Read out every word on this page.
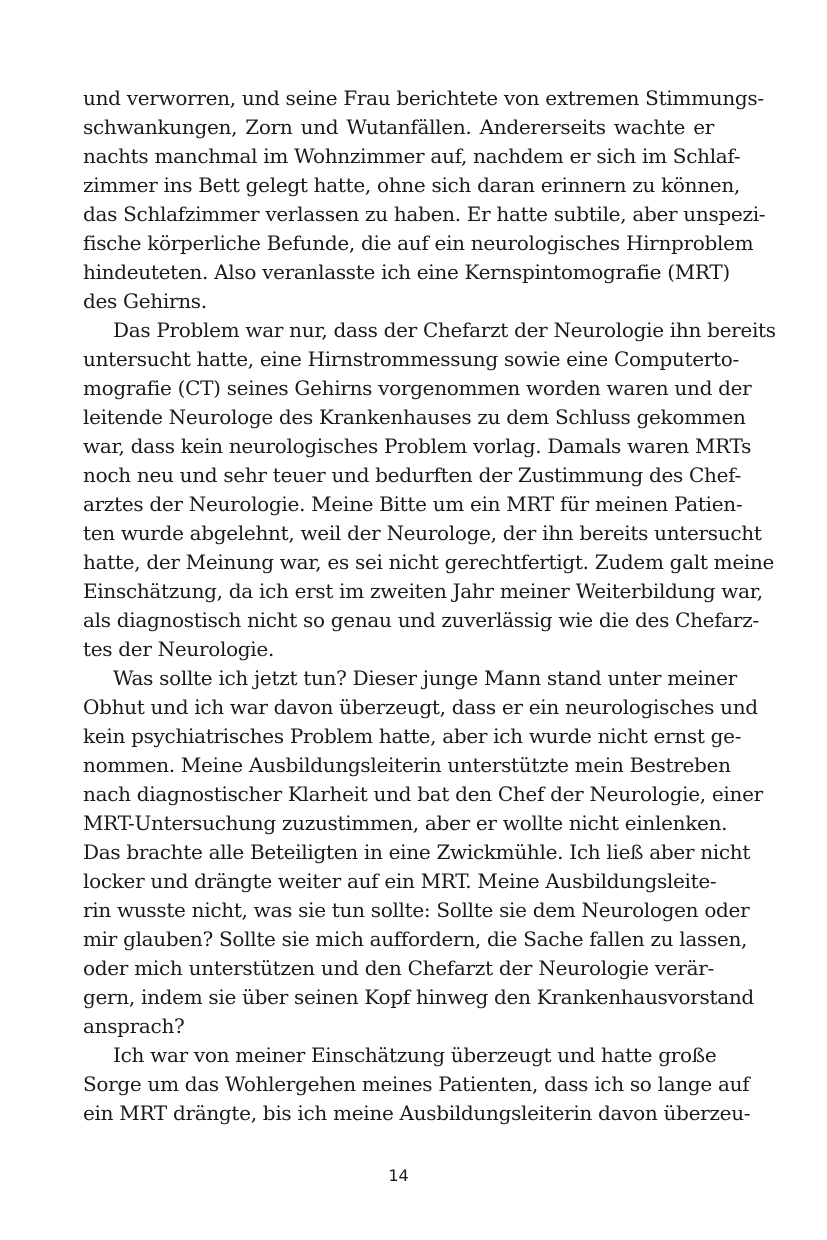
und verworren, und seine Frau berichtete von extremen Stimmungs-
schwankungen, Zorn und Wutanfällen. Andererseits wachte er
nachts manchmal im Wohnzimmer auf, nachdem er sich im Schlaf-
zimmer ins Bett gelegt hatte, ohne sich daran erinnern zu können,
das Schlafzimmer verlassen zu haben. Er hatte subtile, aber unspezi-
fische körperliche Befunde, die auf ein neurologisches Hirnproblem
hindeuteten. Also veranlasste ich eine Kernspintomografie (MRT)
des Gehirns.
Das Problem war nur, dass der Chefarzt der Neurologie ihn bereits
untersucht hatte, eine Hirnstrommessung sowie eine Computerto-
mografie (CT) seines Gehirns vorgenommen worden waren und der
leitende Neurologe des Krankenhauses zu dem Schluss gekommen
war, dass kein neurologisches Problem vorlag. Damals waren MRTs
noch neu und sehr teuer und bedurften der Zustimmung des Chef-
arztes der Neurologie. Meine Bitte um ein MRT für meinen Patien-
ten wurde abgelehnt, weil der Neurologe, der ihn bereits untersucht
hatte, der Meinung war, es sei nicht gerechtfertigt. Zudem galt meine
Einschätzung, da ich erst im zweiten Jahr meiner Weiterbildung war,
als diagnostisch nicht so genau und zuverlässig wie die des Chefarz-
tes der Neurologie.
Was sollte ich jetzt tun? Dieser junge Mann stand unter meiner
Obhut und ich war davon überzeugt, dass er ein neurologisches und
kein psychiatrisches Problem hatte, aber ich wurde nicht ernst ge-
nommen. Meine Ausbildungsleiterin unterstützte mein Bestreben
nach diagnostischer Klarheit und bat den Chef der Neurologie, einer
MRT-Untersuchung zuzustimmen, aber er wollte nicht einlenken.
Das brachte alle Beteiligten in eine Zwickmühle. Ich ließ aber nicht
locker und drängte weiter auf ein MRT. Meine Ausbildungsleite-
rin wusste nicht, was sie tun sollte: Sollte sie dem Neurologen oder
mir glauben? Sollte sie mich auffordern, die Sache fallen zu lassen,
oder mich unterstützen und den Chefarzt der Neurologie verär-
gern, indem sie über seinen Kopf hinweg den Krankenhausvorstand
ansprach?
Ich war von meiner Einschätzung überzeugt und hatte große
Sorge um das Wohlergehen meines Patienten, dass ich so lange auf
ein MRT drängte, bis ich meine Ausbildungsleiterin davon überzeu-
14
